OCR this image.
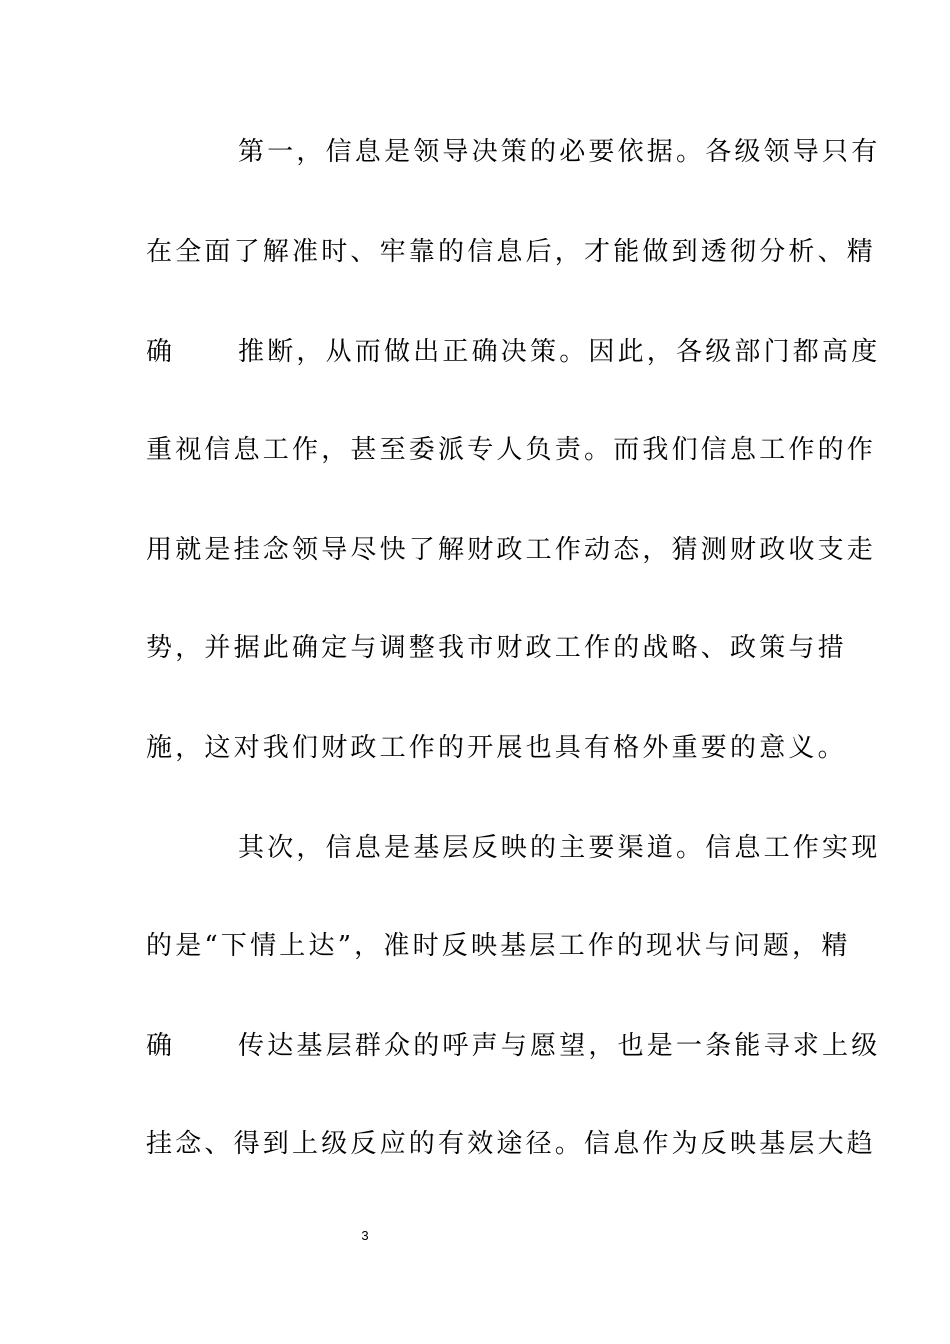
第一，信息是领导决策的必要依据。各级领导只有
在全面了解准时、牢靠的信息后，才能做到透彻分析、精
确 推断，从而做出正确决策。因此，各级部门都高度
重视信息工作，甚至委派专人负责。而我们信息工作的作
用就是挂念领导尽快了解财政工作动态，猜测财政收支走
势，并据此确定与调整我市财政工作的战略、政策与措
施，这对我们财政工作的开展也具有格外重要的意义。
其次，信息是基层反映的主要渠道。信息工作实现
的是“下情上达”，准时反映基层工作的现状与问题，精
确 传达基层群众的呼声与愿望，也是一条能寻求上级
挂念、得到上级反应的有效途径。信息作为反映基层大趋
3
